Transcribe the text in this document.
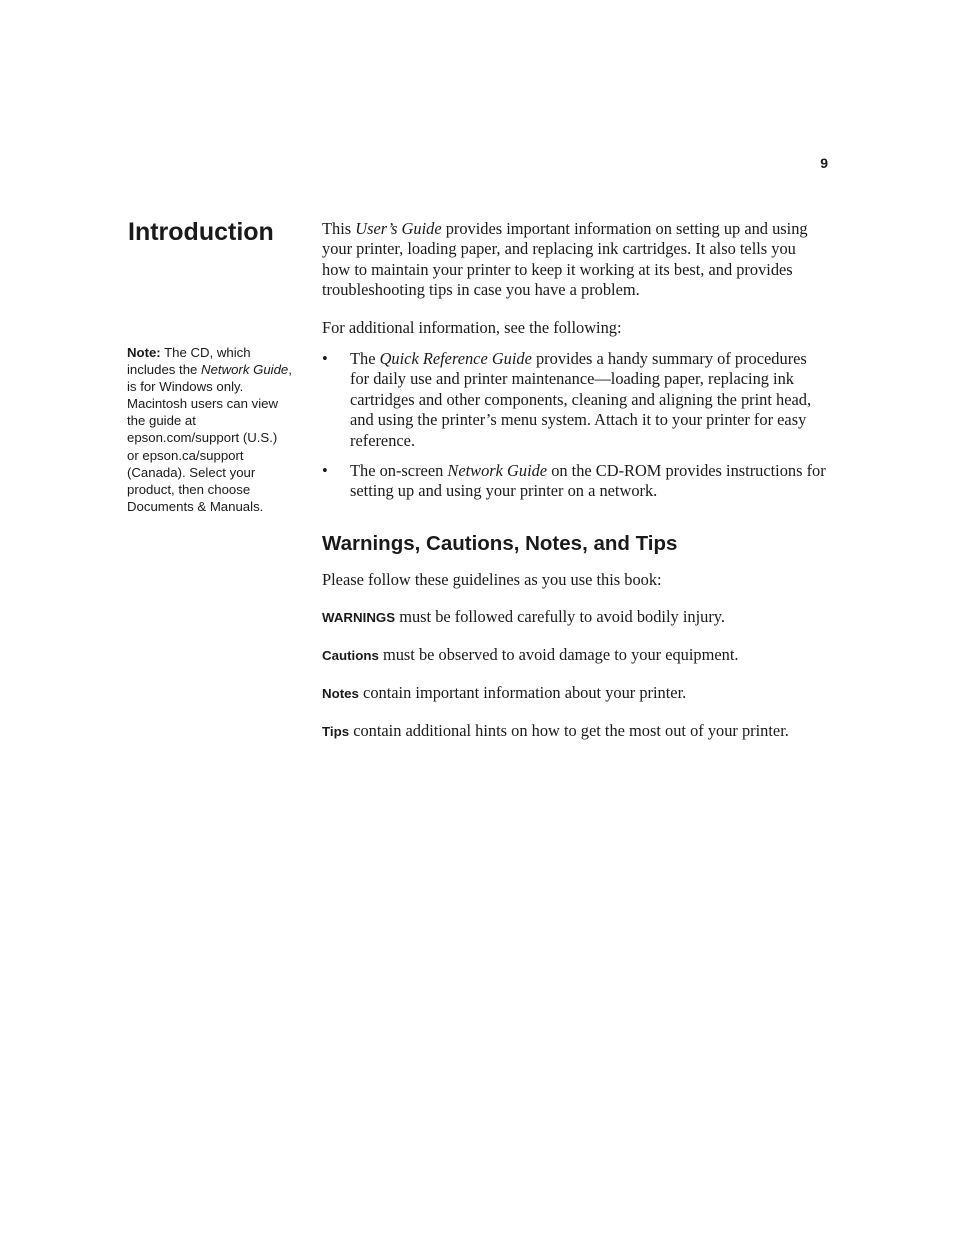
9
Introduction
Note: The CD, which includes the Network Guide, is for Windows only. Macintosh users can view the guide at epson.com/support (U.S.) or epson.ca/support (Canada). Select your product, then choose Documents & Manuals.

This User’s Guide provides important information on setting up and using your printer, loading paper, and replacing ink cartridges. It also tells you how to maintain your printer to keep it working at its best, and provides troubleshooting tips in case you have a problem.

For additional information, see the following:

• The Quick Reference Guide provides a handy summary of procedures for daily use and printer maintenance—loading paper, replacing ink cartridges and other components, cleaning and aligning the print head, and using the printer’s menu system. Attach it to your printer for easy reference.
• The on-screen Network Guide on the CD-ROM provides instructions for setting up and using your printer on a network.
Warnings, Cautions, Notes, and Tips

Please follow these guidelines as you use this book:

WARNINGS must be followed carefully to avoid bodily injury.

Cautions must be observed to avoid damage to your equipment.

Notes contain important information about your printer.

Tips contain additional hints on how to get the most out of your printer.
